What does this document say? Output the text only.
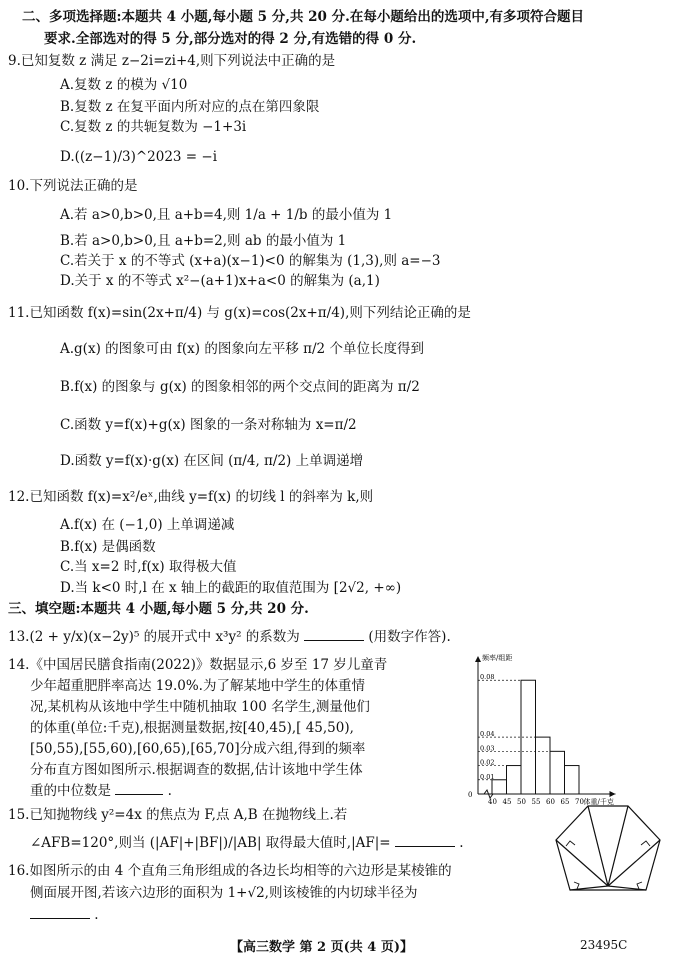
二、多项选择题:本题共 4 小题,每小题 5 分,共 20 分.在每小题给出的选项中,有多项符合题目
要求.全部选对的得 5 分,部分选对的得 2 分,有选错的得 0 分.
9.已知复数 z 满足 z−2i=zi+4,则下列说法中正确的是
A.复数 z 的模为 √10
B.复数 z 在复平面内所对应的点在第四象限
C.复数 z 的共轭复数为 −1+3i
D.((z−1)/3)^2023 = −i
10.下列说法正确的是
A.若 a>0,b>0,且 a+b=4,则 1/a + 1/b 的最小值为 1
B.若 a>0,b>0,且 a+b=2,则 ab 的最小值为 1
C.若关于 x 的不等式 (x+a)(x−1)<0 的解集为 (1,3),则 a=−3
D.关于 x 的不等式 x²−(a+1)x+a<0 的解集为 (a,1)
11.已知函数 f(x)=sin(2x+π/4) 与 g(x)=cos(2x+π/4),则下列结论正确的是
A.g(x) 的图象可由 f(x) 的图象向左平移 π/2 个单位长度得到
B.f(x) 的图象与 g(x) 的图象相邻的两个交点间的距离为 π/2
C.函数 y=f(x)+g(x) 图象的一条对称轴为 x=π/2
D.函数 y=f(x)·g(x) 在区间 (π/4, π/2) 上单调递增
12.已知函数 f(x)=x²/eˣ,曲线 y=f(x) 的切线 l 的斜率为 k,则
A.f(x) 在 (−1,0) 上单调递减
B.f(x) 是偶函数
C.当 x=2 时,f(x) 取得极大值
D.当 k<0 时,l 在 x 轴上的截距的取值范围为 [2√2, +∞)
三、填空题:本题共 4 小题,每小题 5 分,共 20 分.
13.(2 + y/x)(x−2y)⁵ 的展开式中 x³y² 的系数为	(用数字作答).
14.《中国居民膳食指南(2022)》数据显示,6 岁至 17 岁儿童青
少年超重肥胖率高达 19.0%.为了解某地中学生的体重情
况,某机构从该地中学生中随机抽取 100 名学生,测量他们
的体重(单位:千克),根据测量数据,按[40,45),[ 45,50),
[50,55),[55,60),[60,65),[65,70]分成六组,得到的频率
分布直方图如图所示.根据调查的数据,估计该地中学生体
重的中位数是	.
0.08
0.04
0.03
0.02
0.01
40 45 50 55 60 65 70
0
频率/组距
体重/千克
15.已知抛物线 y²=4x 的焦点为 F,点 A,B 在抛物线上.若
∠AFB=120°,则当 (|AF|+|BF|)/|AB| 取得最大值时,|AF|=	.
16.如图所示的由 4 个直角三角形组成的各边长均相等的六边形是某棱锥的
侧面展开图,若该六边形的面积为 1+√2,则该棱锥的内切球半径为
.
【高三数学 第 2 页(共 4 页)】	23495C
